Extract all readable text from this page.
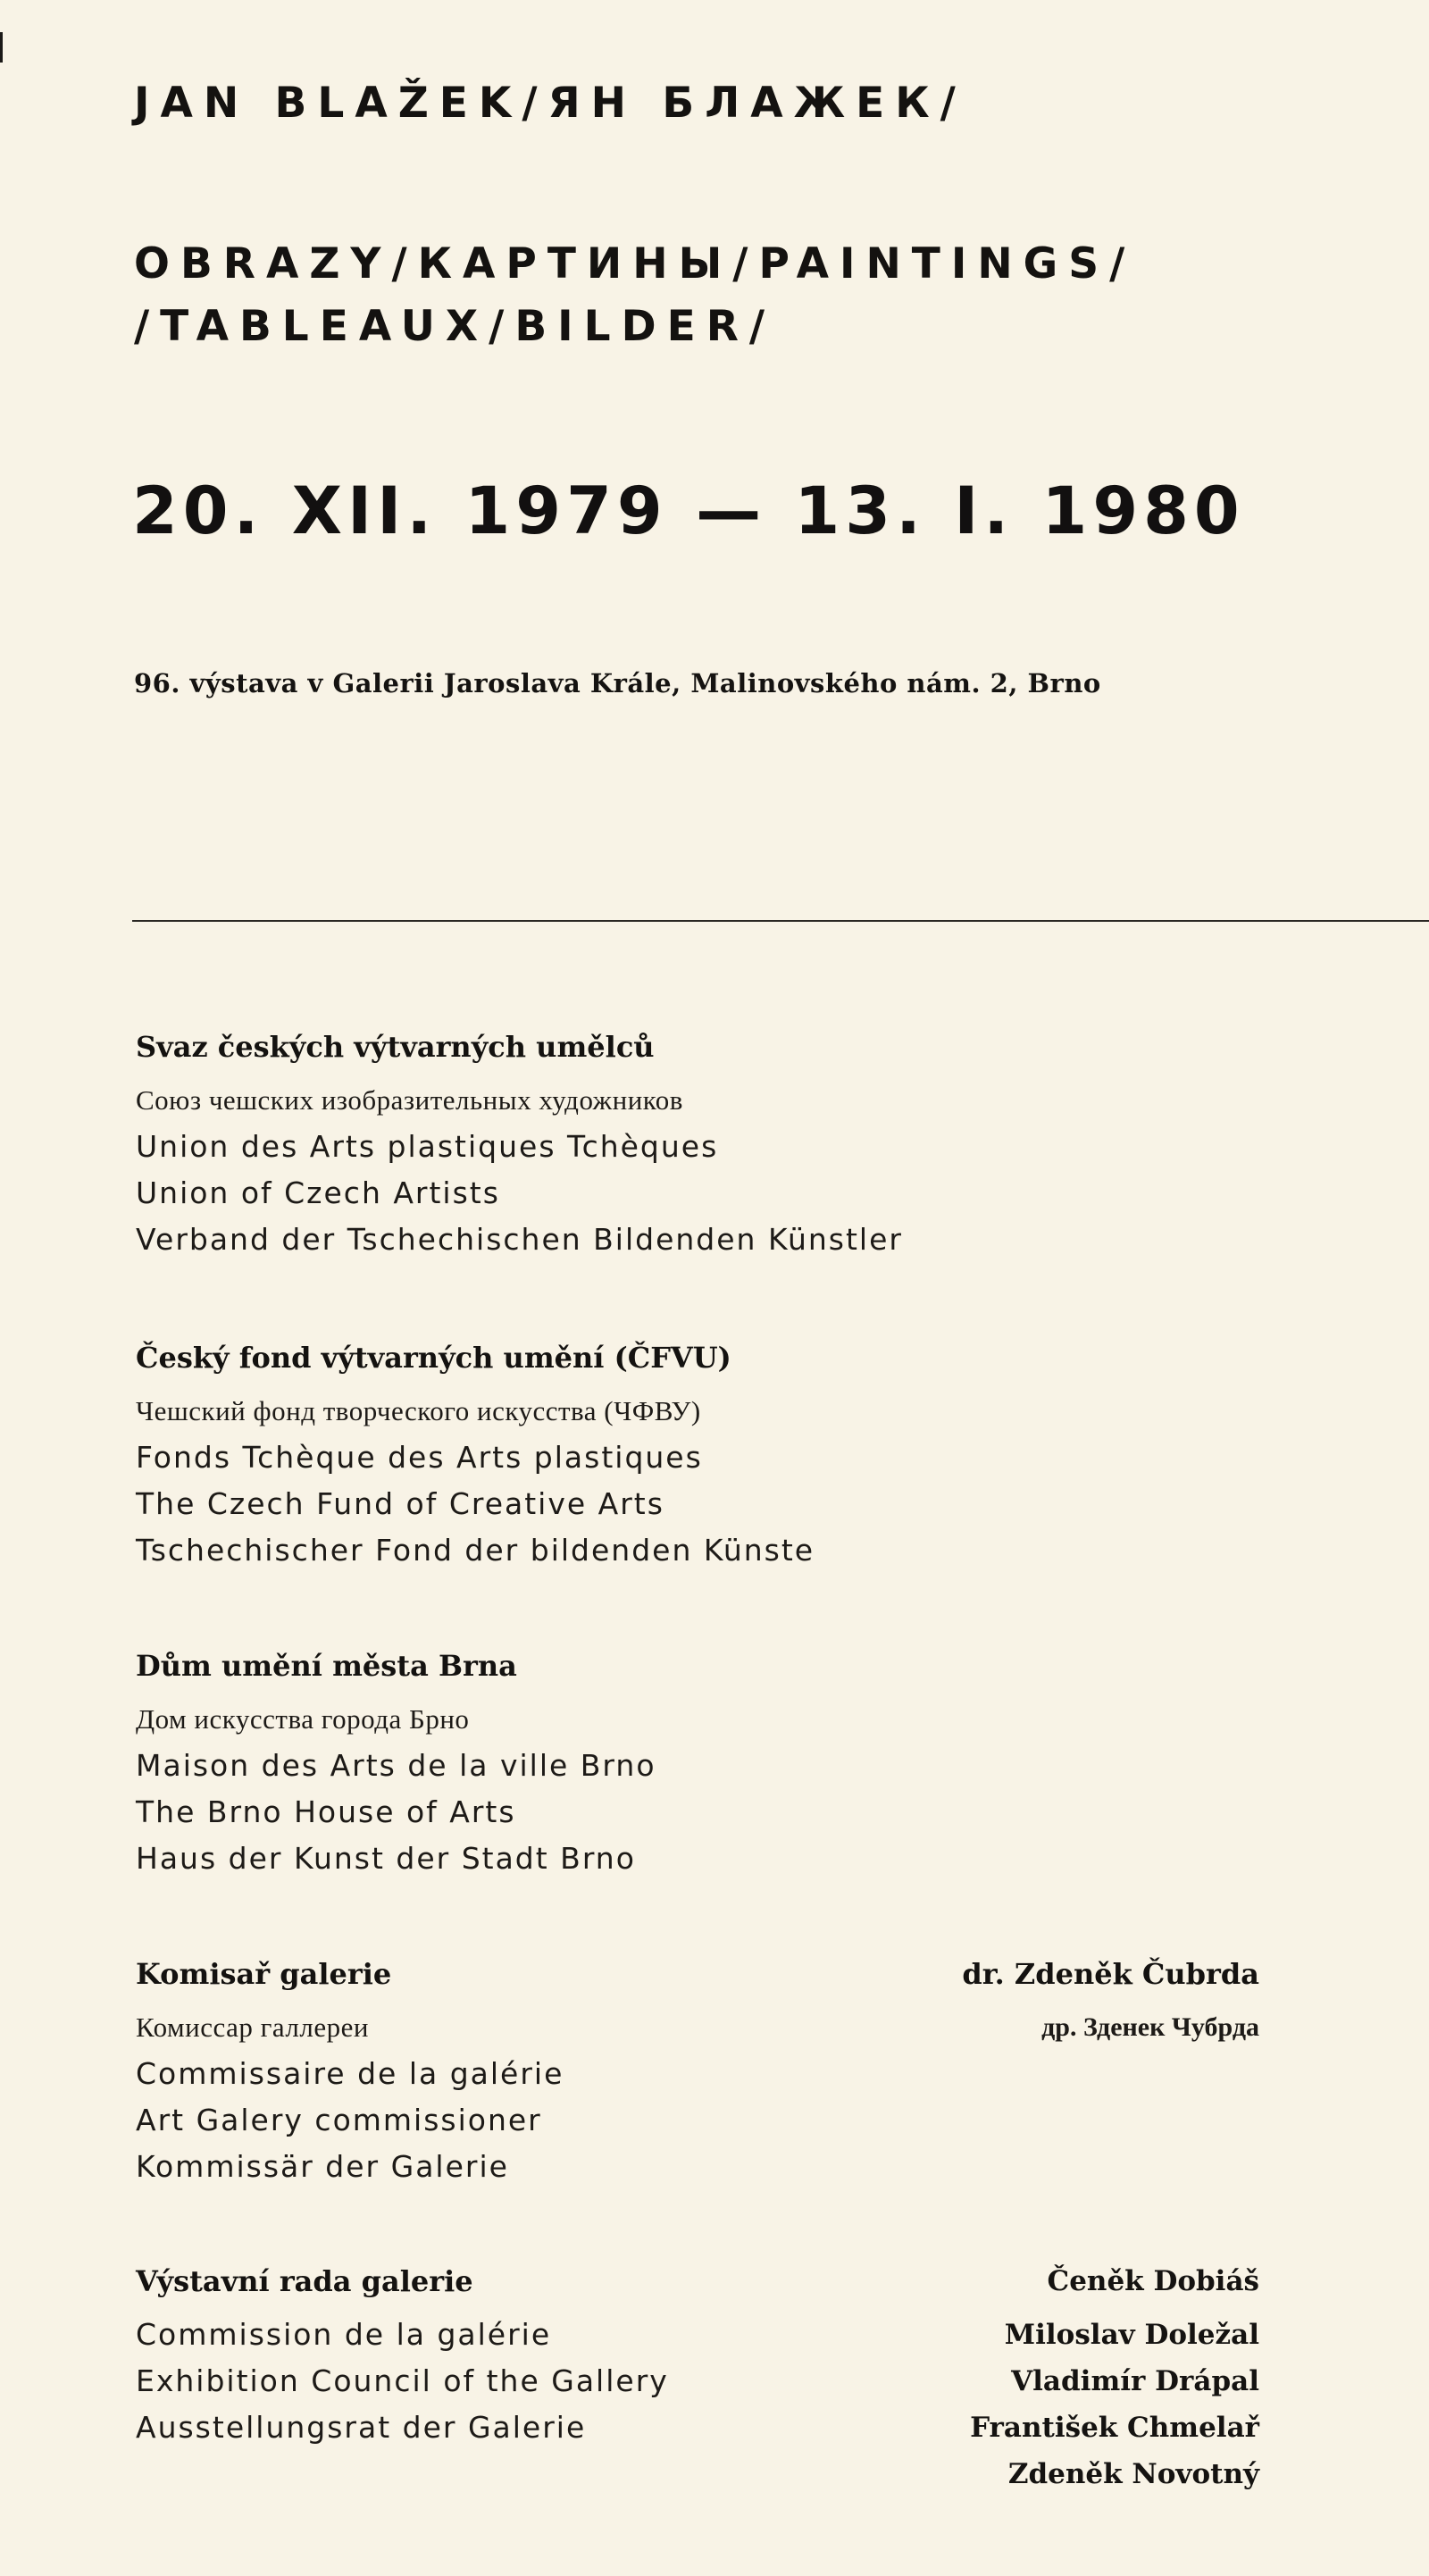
JAN BLAŽEK/ЯН БЛАЖЕК/
OBRAZY/КАРТИНЫ/PAINTINGS/
/TABLEAUX/BILDER/
20. XII. 1979 — 13. I. 1980
96. výstava v Galerii Jaroslava Krále, Malinovského nám. 2, Brno
Svaz českých výtvarných umělců
Союз чешских изобразительных художников
Union des Arts plastiques Tchèques
Union of Czech Artists
Verband der Tschechischen Bildenden Künstler
Český fond výtvarných umění (ČFVU)
Чешский фонд творческого искусства (ЧФВУ)
Fonds Tchèque des Arts plastiques
The Czech Fund of Creative Arts
Tschechischer Fond der bildenden Künste
Dům umění města Brna
Дом искусства города Брно
Maison des Arts de la ville Brno
The Brno House of Arts
Haus der Kunst der Stadt Brno
Komisař galerie
Комиссар галлереи
Commissaire de la galérie
Art Galery commissioner
Kommissär der Galerie
dr. Zdeněk Čubrda
др. Зденек Чубрда
Výstavní rada galerie
Commission de la galérie
Exhibition Council of the Gallery
Ausstellungsrat der Galerie
Čeněk Dobiáš
Miloslav Doležal
Vladimír Drápal
František Chmelař
Zdeněk Novotný
